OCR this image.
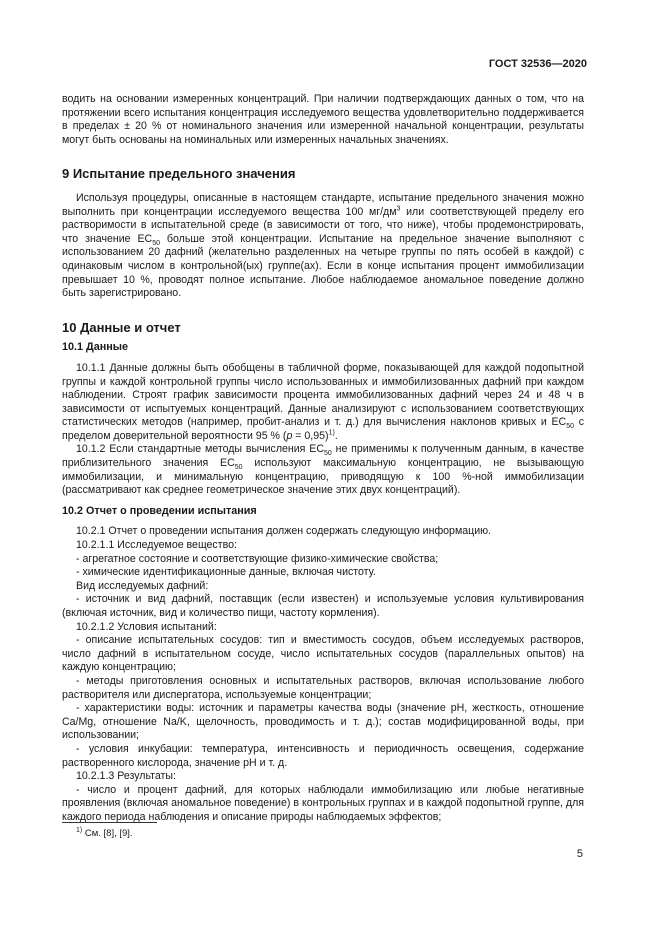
ГОСТ 32536—2020

водить на основании измеренных концентраций. При наличии подтверждающих данных о том, что на протяжении всего испытания концентрация исследуемого вещества удовлетворительно поддерживается в пределах ± 20 % от номинального значения или измеренной начальной концентрации, результаты могут быть основаны на номинальных или измеренных начальных значениях.

9 Испытание предельного значения

Используя процедуры, описанные в настоящем стандарте, испытание предельного значения можно выполнить при концентрации исследуемого вещества 100 $мг/дм^3$ или соответствующей пределу его растворимости в испытательной среде (в зависимости от того, что ниже), чтобы продемонстрировать, что значение $ЕС_{50}$ больше этой концентрации. Испытание на предельное значение выполняют с использованием 20 дафний (желательно разделенных на четыре группы по пять особей в каждой) с одинаковым числом в контрольной(ых) группе(ах). Если в конце испытания процент иммобилизации превышает 10 %, проводят полное испытание. Любое наблюдаемое аномальное поведение должно быть зарегистрировано.

10 Данные и отчет
10.1 Данные

10.1.1 Данные должны быть обобщены в табличной форме, показывающей для каждой подопытной группы и каждой контрольной группы число использованных и иммобилизованных дафний при каждом наблюдении. Строят график зависимости процента иммобилизованных дафний через 24 и 48 ч в зависимости от испытуемых концентраций. Данные анализируют с использованием соответствующих статистических методов (например, пробит-анализ и т. д.) для вычисления наклонов кривых и $ЕС_{50}$ с пределом доверительной вероятности 95 % (р = 0,95)$^{1)}$.

10.1.2 Если стандартные методы вычисления $ЕС_{50}$ не применимы к полученным данным, в качестве приблизительного значения $ЕС_{50}$ используют максимальную концентрацию, не вызывающую иммобилизации, и минимальную концентрацию, приводящую к 100 %-ной иммобилизации (рассматривают как среднее геометрическое значение этих двух концентраций).

10.2 Отчет о проведении испытания

10.2.1 Отчет о проведении испытания должен содержать следующую информацию.

10.2.1.1 Исследуемое вещество:

- агрегатное состояние и соответствующие физико-химические свойства;

- химические идентификационные данные, включая чистоту.

Вид исследуемых дафний:

- источник и вид дафний, поставщик (если известен) и используемые условия культивирования (включая источник, вид и количество пищи, частоту кормления).

10.2.1.2 Условия испытаний:

- описание испытательных сосудов: тип и вместимость сосудов, объем исследуемых растворов, число дафний в испытательном сосуде, число испытательных сосудов (параллельных опытов) на каждую концентрацию;

- методы приготовления основных и испытательных растворов, включая использование любого растворителя или диспергатора, используемые концентрации;

- характеристики воды: источник и параметры качества воды (значение рН, жесткость, отношение Ca/Mg, отношение Na/K, щелочность, проводимость и т. д.); состав модифицированной воды, при использовании;

- условия инкубации: температура, интенсивность и периодичность освещения, содержание растворенного кислорода, значение рН и т. д.

10.2.1.3 Результаты:

- число и процент дафний, для которых наблюдали иммобилизацию или любые негативные проявления (включая аномальное поведение) в контрольных группах и в каждой подопытной группе, для каждого периода наблюдения и описание природы наблюдаемых эффектов;

$^{1)}$ См. [8], [9].
5
